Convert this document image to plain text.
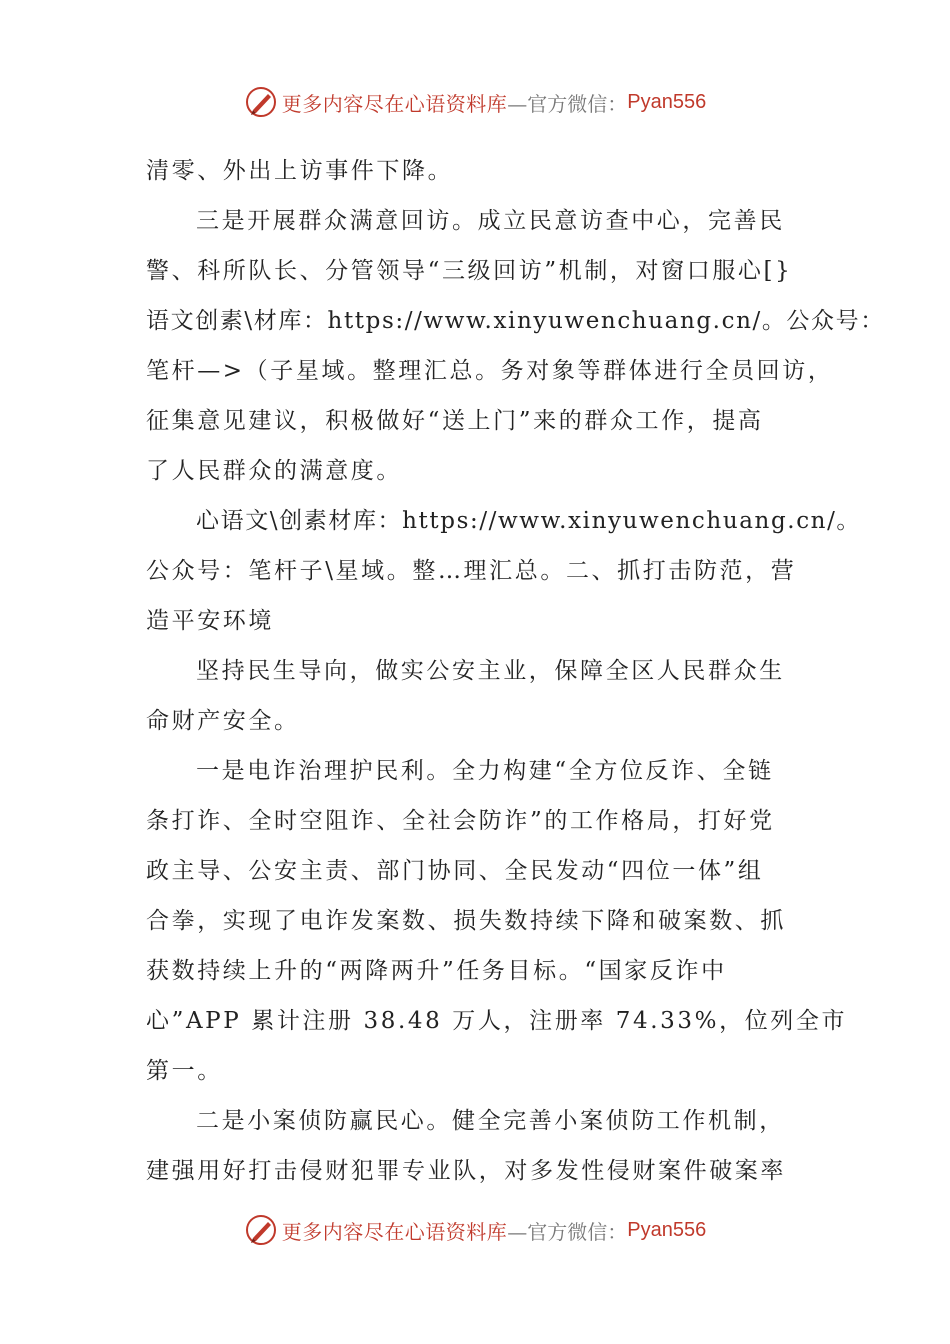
更多内容尽在心语资料库 —官方微信： Pyan556
清零、外出上访事件下降。
三是开展群众满意回访。成立民意访查中心，完善民
警、科所队长、分管领导“三级回访”机制，对窗口服心[}
语文创素\材库：https://www.xinyuwenchuang.cn/。公众号：
笔杆—>（子星域。整理汇总。务对象等群体进行全员回访，
征集意见建议，积极做好“送上门”来的群众工作，提高
了人民群众的满意度。
心语文\创素材库：https://www.xinyuwenchuang.cn/。
公众号：笔杆子\星域。整…理汇总。二、抓打击防范，营
造平安环境
坚持民生导向，做实公安主业，保障全区人民群众生
命财产安全。
一是电诈治理护民利。全力构建“全方位反诈、全链
条打诈、全时空阻诈、全社会防诈”的工作格局，打好党
政主导、公安主责、部门协同、全民发动“四位一体”组
合拳，实现了电诈发案数、损失数持续下降和破案数、抓
获数持续上升的“两降两升”任务目标。“国家反诈中
心”APP 累计注册 38.48 万人，注册率 74.33%，位列全市
第一。
二是小案侦防赢民心。健全完善小案侦防工作机制，
建强用好打击侵财犯罪专业队，对多发性侵财案件破案率
更多内容尽在心语资料库 —官方微信： Pyan556
